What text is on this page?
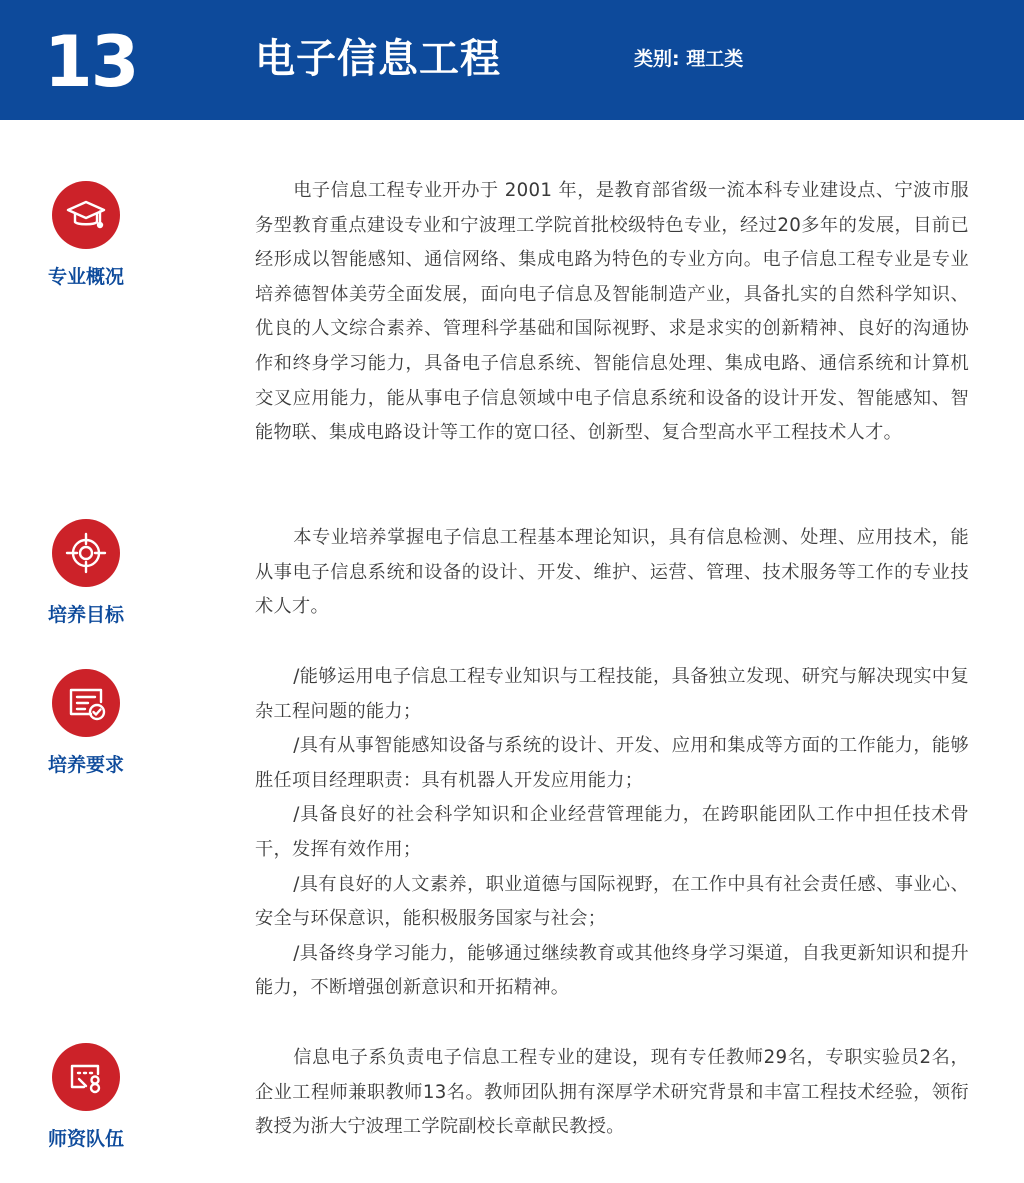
13	电子信息工程	类别: 理工类
专业概况

电子信息工程专业开办于 2001 年，是教育部省级一流本科专业建设点、宁波市服务型教育重点建设专业和宁波理工学院首批校级特色专业，经过20多年的发展，目前已经形成以智能感知、通信网络、集成电路为特色的专业方向。电子信息工程专业是专业培养德智体美劳全面发展，面向电子信息及智能制造产业，具备扎实的自然科学知识、优良的人文综合素养、管理科学基础和国际视野、求是求实的创新精神、良好的沟通协作和终身学习能力，具备电子信息系统、智能信息处理、集成电路、通信系统和计算机交叉应用能力，能从事电子信息领域中电子信息系统和设备的设计开发、智能感知、智能物联、集成电路设计等工作的宽口径、创新型、复合型高水平工程技术人才。

培养目标

本专业培养掌握电子信息工程基本理论知识，具有信息检测、处理、应用技术，能从事电子信息系统和设备的设计、开发、维护、运营、管理、技术服务等工作的专业技术人才。

培养要求

/能够运用电子信息工程专业知识与工程技能，具备独立发现、研究与解决现实中复杂工程问题的能力；

/具有从事智能感知设备与系统的设计、开发、应用和集成等方面的工作能力，能够胜任项目经理职责：具有机器人开发应用能力；

/具备良好的社会科学知识和企业经营管理能力，在跨职能团队工作中担任技术骨干，发挥有效作用；

/具有良好的人文素养，职业道德与国际视野，在工作中具有社会责任感、事业心、安全与环保意识，能积极服务国家与社会；

/具备终身学习能力，能够通过继续教育或其他终身学习渠道，自我更新知识和提升能力，不断增强创新意识和开拓精神。

师资队伍

信息电子系负责电子信息工程专业的建设，现有专任教师29名，专职实验员2名，企业工程师兼职教师13名。教师团队拥有深厚学术研究背景和丰富工程技术经验，领衔教授为浙大宁波理工学院副校长章献民教授。
